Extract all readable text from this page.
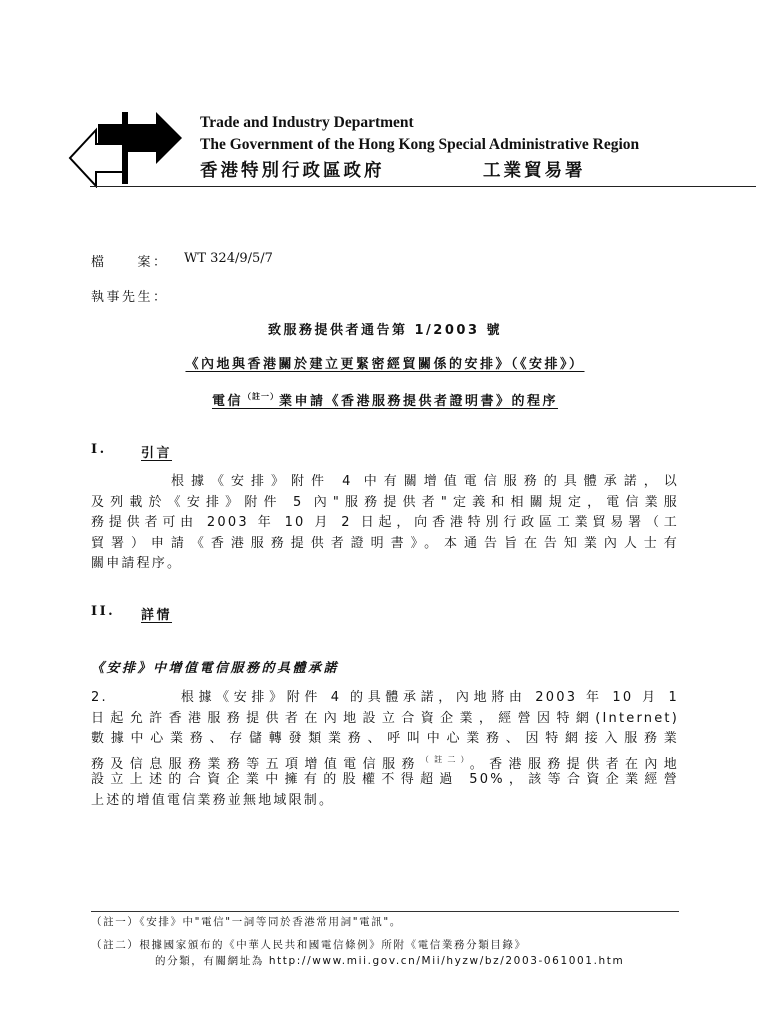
Trade and Industry Department
The Government of the Hong Kong Special Administrative Region
香港特別行政區政府	工業貿易署
檔　　案： WT 324/9/5/7
執事先生：
致服務提供者通告第 1/2003 號
《內地與香港關於建立更緊密經貿關係的安排》（《安排》）
電信$^{(註一)}$業申請《香港服務提供者證明書》的程序
I.	引言
　　　　根據《安排》附件 4 中有關增值電信服務的具體承諾，以
及列載於《安排》附件 5 內"服務提供者"定義和相關規定，電信業服
務提供者可由 2003 年 10 月 2 日起，向香港特別行政區工業貿易署（工
貿署）申請《香港服務提供者證明書》。本通告旨在告知業內人士有
關申請程序。
II. 詳情
《安排》中增值電信服務的具體承諾
2.　　　　根據《安排》附件 4 的具體承諾，內地將由 2003 年 10 月 1
日起允許香港服務提供者在內地設立合資企業，經營因特網(Internet)
數據中心業務、存儲轉發類業務、呼叫中心業務、因特網接入服務業
務及信息服務業務等五項增值電信服務$^{(註二)}$。香港服務提供者在內地
設立上述的合資企業中擁有的股權不得超過 50%，該等合資企業經營
上述的增值電信業務並無地域限制。
（註一）《安排》中"電信"一詞等同於香港常用詞"電訊"。
（註二）根據國家頒布的《中華人民共和國電信條例》所附《電信業務分類目錄》
的分類，有關網址為 http://www.mii.gov.cn/Mii/hyzw/bz/2003-061001.htm
